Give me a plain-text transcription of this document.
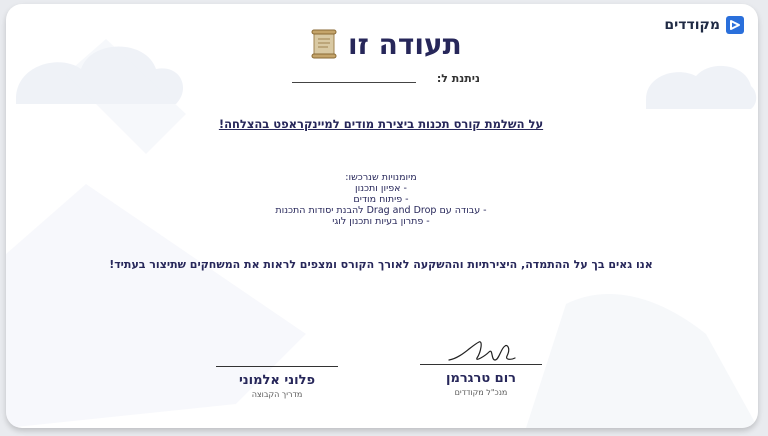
מקודדים
תעודה זו
ניתנת ל:
על השלמת קורס תכנות ביצירת מודים למיינקראפט בהצלחה!
מיומנויות שנרכשו:
- אפיון ותכנון
- פיתוח מודים
- עבודה עם Drag and Drop להבנת יסודות התכנות
- פתרון בעיות ותכנון לוגי
אנו גאים בך על ההתמדה, היצירתיות וההשקעה לאורך הקורס ומצפים לראות את המשחקים שתיצור בעתיד!
רום טרגרמן
מנכ"ל מקודדים
פלוני אלמוני
מדריך הקבוצה
